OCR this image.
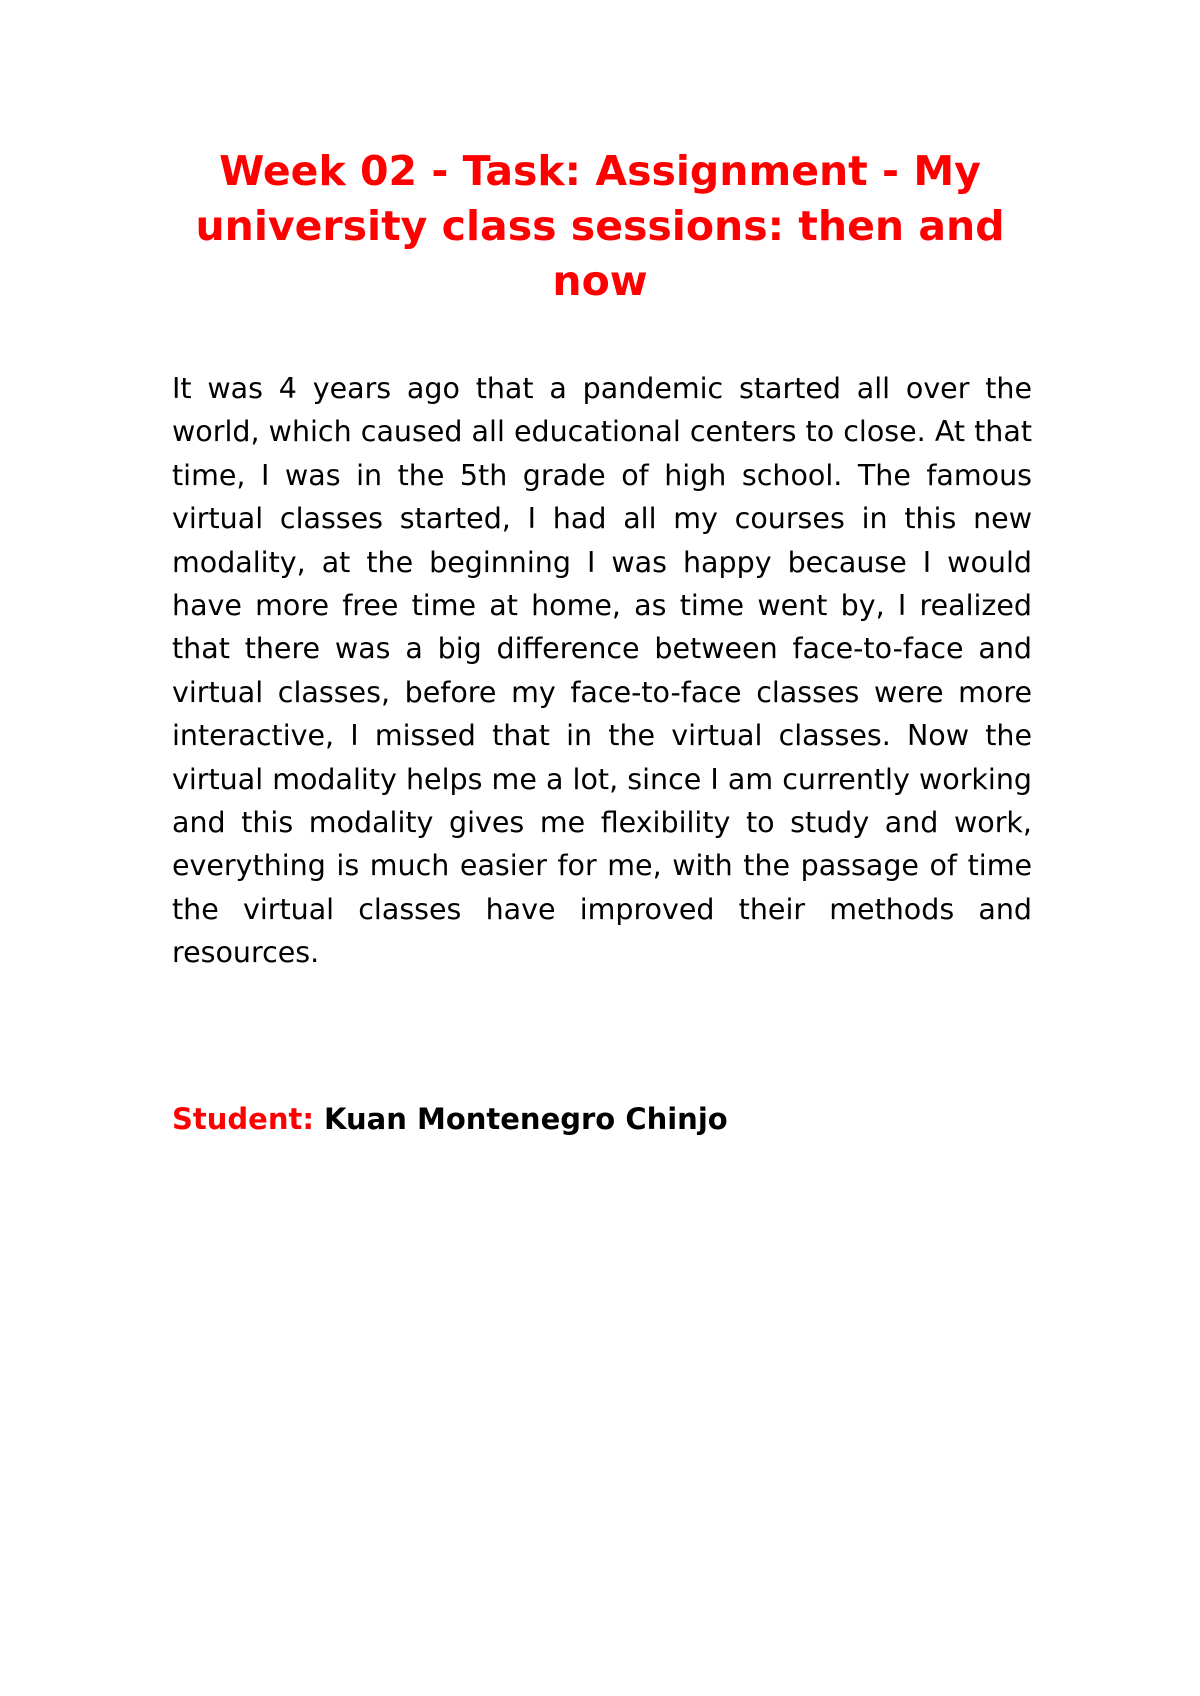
Week 02 - Task: Assignment - My university class sessions: then and now

It was 4 years ago that a pandemic started all over the world, which caused all educational centers to close. At that time, I was in the 5th grade of high school. The famous virtual classes started, I had all my courses in this new modality, at the beginning I was happy because I would have more free time at home, as time went by, I realized that there was a big difference between face-to-face and virtual classes, before my face-to-face classes were more interactive, I missed that in the virtual classes. Now the virtual modality helps me a lot, since I am currently working and this modality gives me flexibility to study and work, everything is much easier for me, with the passage of time the virtual classes have improved their methods and resources.

Student: Kuan Montenegro Chinjo
